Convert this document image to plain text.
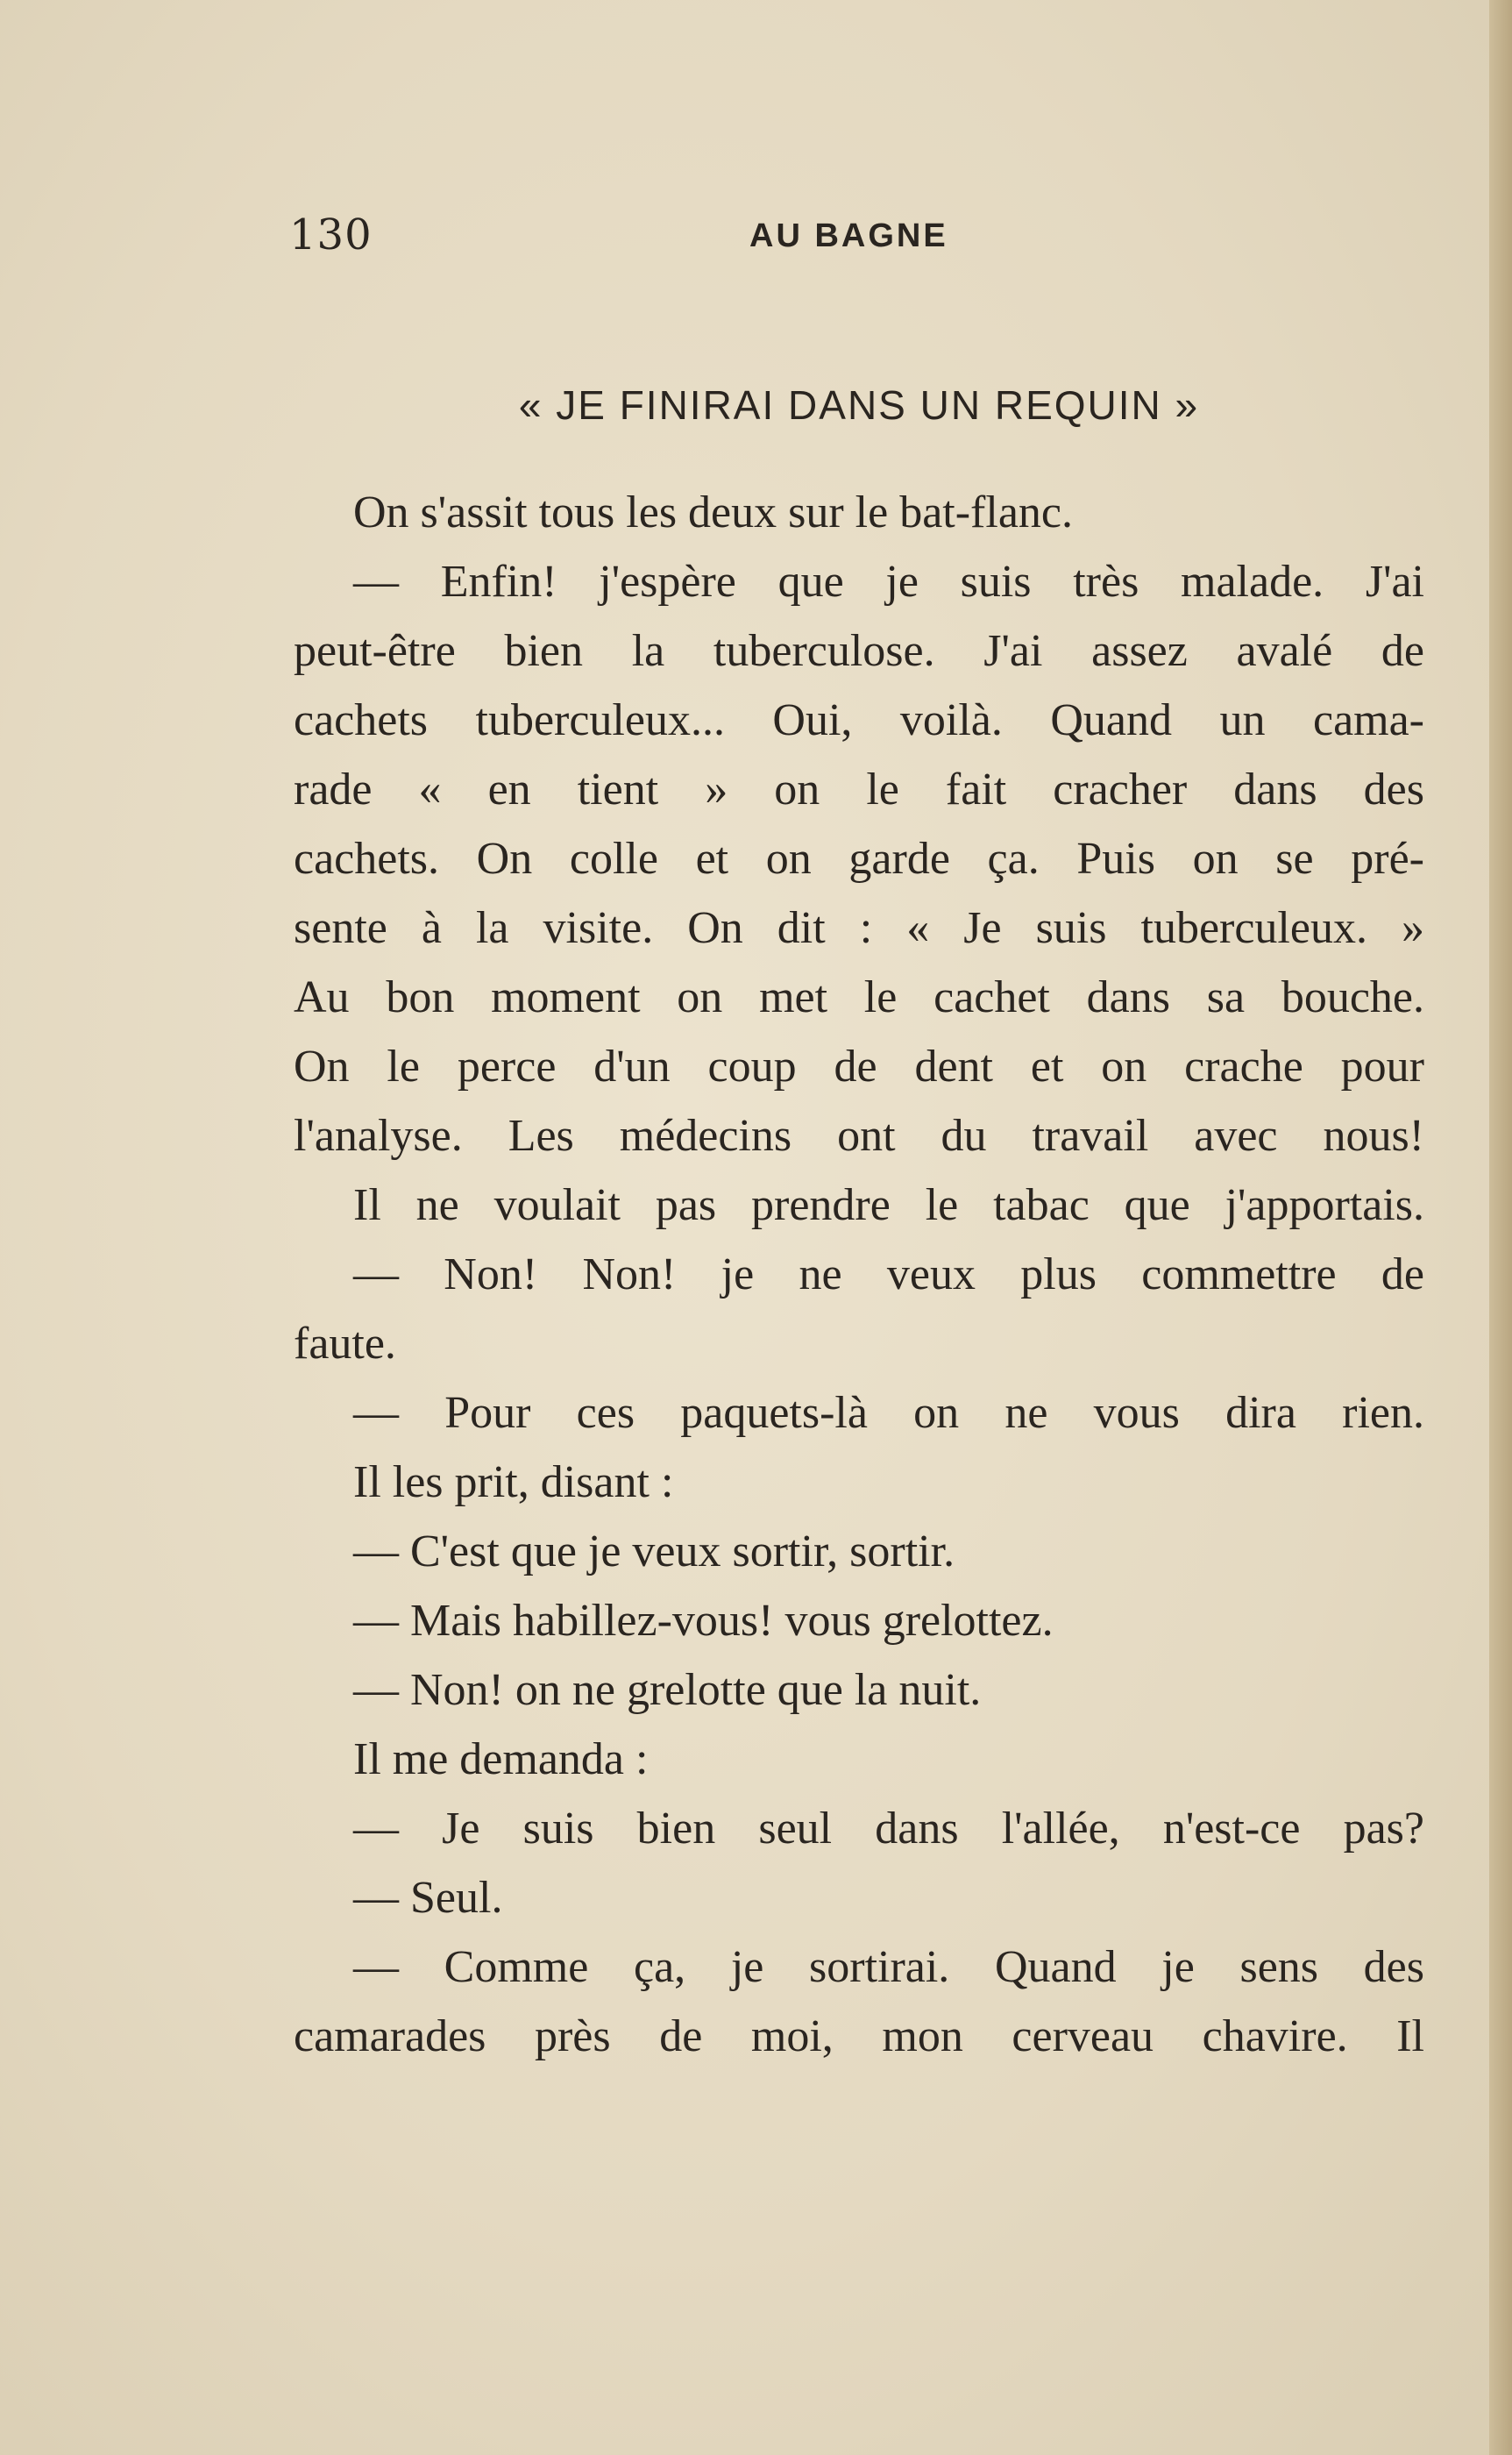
130	AU BAGNE
« JE FINIRAI DANS UN REQUIN »
On s'assit tous les deux sur le bat-flanc.
— Enfin! j'espère que je suis très malade. J'ai
peut-être bien la tuberculose. J'ai assez avalé de
cachets tuberculeux... Oui, voilà. Quand un cama-
rade « en tient » on le fait cracher dans des
cachets. On colle et on garde ça. Puis on se pré-
sente à la visite. On dit : « Je suis tuberculeux. »
Au bon moment on met le cachet dans sa bouche.
On le perce d'un coup de dent et on crache pour
l'analyse. Les médecins ont du travail avec nous!
Il ne voulait pas prendre le tabac que j'apportais.
— Non! Non! je ne veux plus commettre de
faute.
— Pour ces paquets-là on ne vous dira rien.
Il les prit, disant :
— C'est que je veux sortir, sortir.
— Mais habillez-vous! vous grelottez.
— Non! on ne grelotte que la nuit.
Il me demanda :
— Je suis bien seul dans l'allée, n'est-ce pas?
— Seul.
— Comme ça, je sortirai. Quand je sens des
camarades près de moi, mon cerveau chavire. Il
